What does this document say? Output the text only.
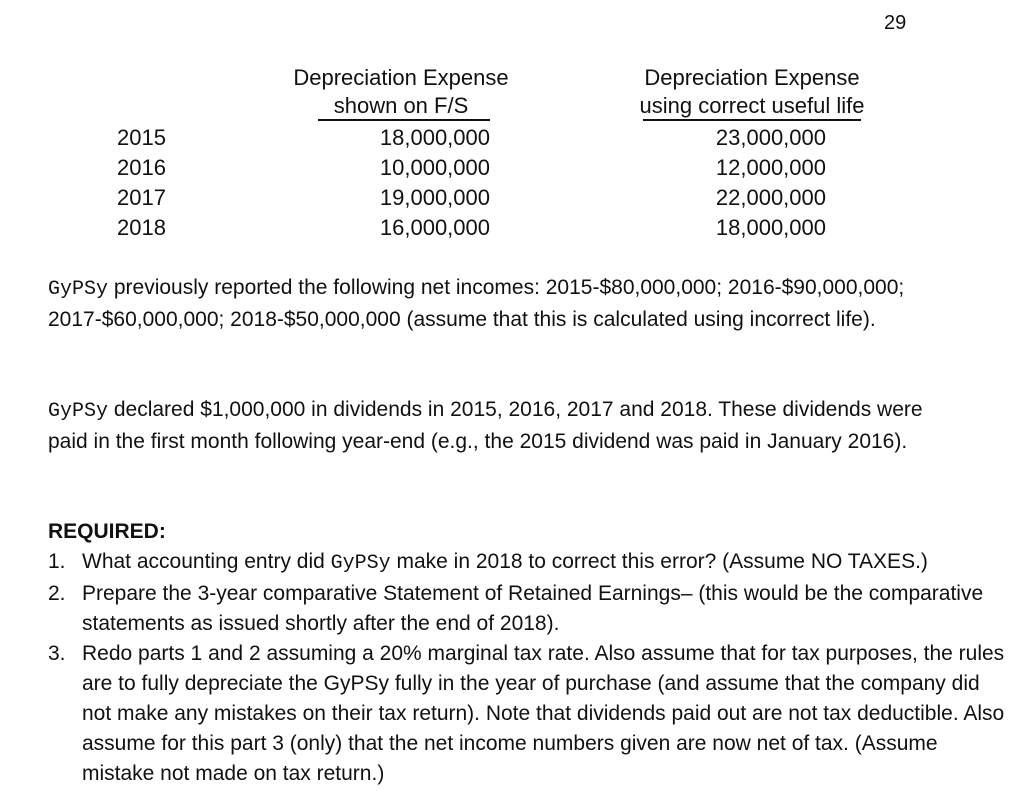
29
Depreciation Expense
shown on F/S
Depreciation Expense
using correct useful life
2015	18,000,000	23,000,000
2016	10,000,000	12,000,000
2017	19,000,000	22,000,000
2018	16,000,000	18,000,000
GyPSy previously reported the following net incomes: 2015-$80,000,000; 2016-$90,000,000; 2017-$60,000,000; 2018-$50,000,000 (assume that this is calculated using incorrect life).
GyPSy declared $1,000,000 in dividends in 2015, 2016, 2017 and 2018. These dividends were paid in the first month following year-end (e.g., the 2015 dividend was paid in January 2016).
REQUIRED:
1. What accounting entry did GyPSy make in 2018 to correct this error? (Assume NO TAXES.)
2. Prepare the 3-year comparative Statement of Retained Earnings– (this would be the comparative statements as issued shortly after the end of 2018).
3. Redo parts 1 and 2 assuming a 20% marginal tax rate. Also assume that for tax purposes, the rules are to fully depreciate the GyPSy fully in the year of purchase (and assume that the company did not make any mistakes on their tax return). Note that dividends paid out are not tax deductible. Also assume for this part 3 (only) that the net income numbers given are now net of tax. (Assume mistake not made on tax return.)
